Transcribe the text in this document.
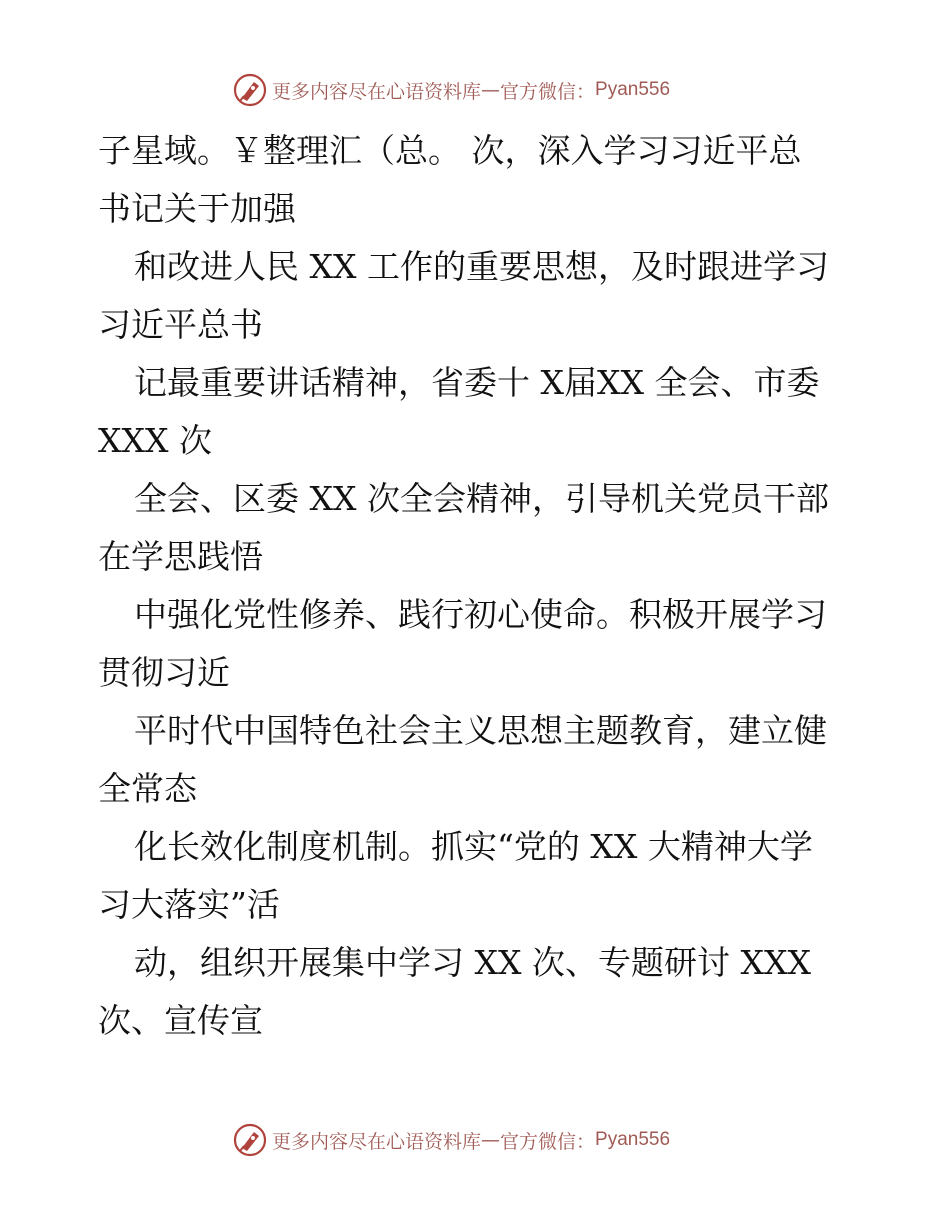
更多内容尽在心语资料库 — 官方微信： Pyan556
子星域。￥整理汇（总。 次，深入学习习近平总
书记关于加强
和改进人民 XX 工作的重要思想，及时跟进学习
习近平总书
记最重要讲话精神，省委十 X届XX 全会、市委
XXX 次
全会、区委 XX 次全会精神，引导机关党员干部
在学思践悟
中强化党性修养、践行初心使命。积极开展学习
贯彻习近
平时代中国特色社会主义思想主题教育，建立健
全常态
化长效化制度机制。抓实“党的 XX 大精神大学
习大落实”活
动，组织开展集中学习 XX 次、专题研讨 XXX
次、宣传宣
更多内容尽在心语资料库 — 官方微信： Pyan556
